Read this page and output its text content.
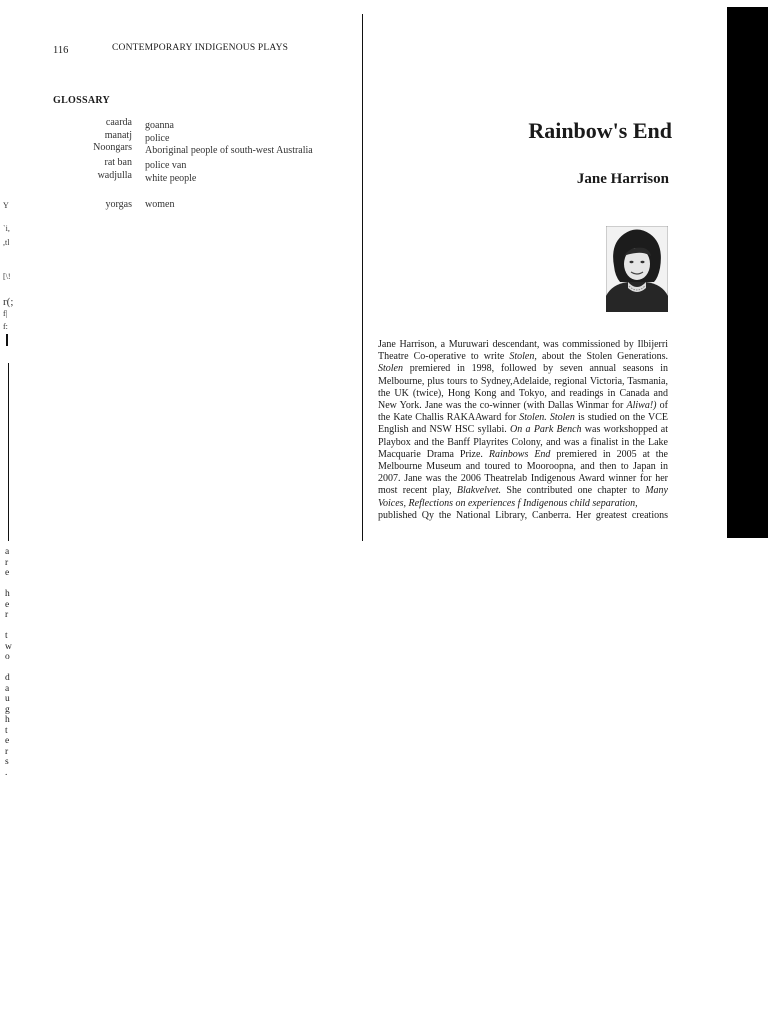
116	CONTEMPORARY INDIGENOUS PLAYS
GLOSSARY
caarda goanna
manatj police
Noongars Aboriginal people of south-west Australia
rat ban police van
wadjulla white people
yorgas women
Y
`i,
,tl
[\!
r(;
f|
f:
Rainbow's End
Jane Harrison

Jane Harrison, a Muruwari descendant, was commissioned by Ilbijerri Theatre Co-operative to write Stolen, about the Stolen Generations. Stolen premiered in 1998, followed by seven annual seasons in Melbourne, plus tours to Sydney,Adelaide, regional Victoria, Tasmania, the UK (twice), Hong Kong and Tokyo, and readings in Canada and New York. Jane was the co-winner (with Dallas Winmar for Aliwa!) of the Kate Challis RAKAAward for Stolen. Stolen is studied on the VCE English and NSW HSC syllabi. On a Park Bench was workshopped at Playbox and the Banff Playrites Colony, and was a finalist in the Lake Macquarie Drama Prize. Rainbows End premiered in 2005 at the Melbourne Museum and toured to Mooroopna, and then to Japan in 2007. Jane was the 2006 Theatrelab Indigenous Award winner for her most recent play, Blakvelvet. She contributed one chapter to Many Voices, Reflections on experiences f Indigenous child separation,

published Qy the National Library, Canberra. Her greatest creations

a
r
e

h
e
r

t
w
o

d
a
u
g
h
t
e
r
s
.
